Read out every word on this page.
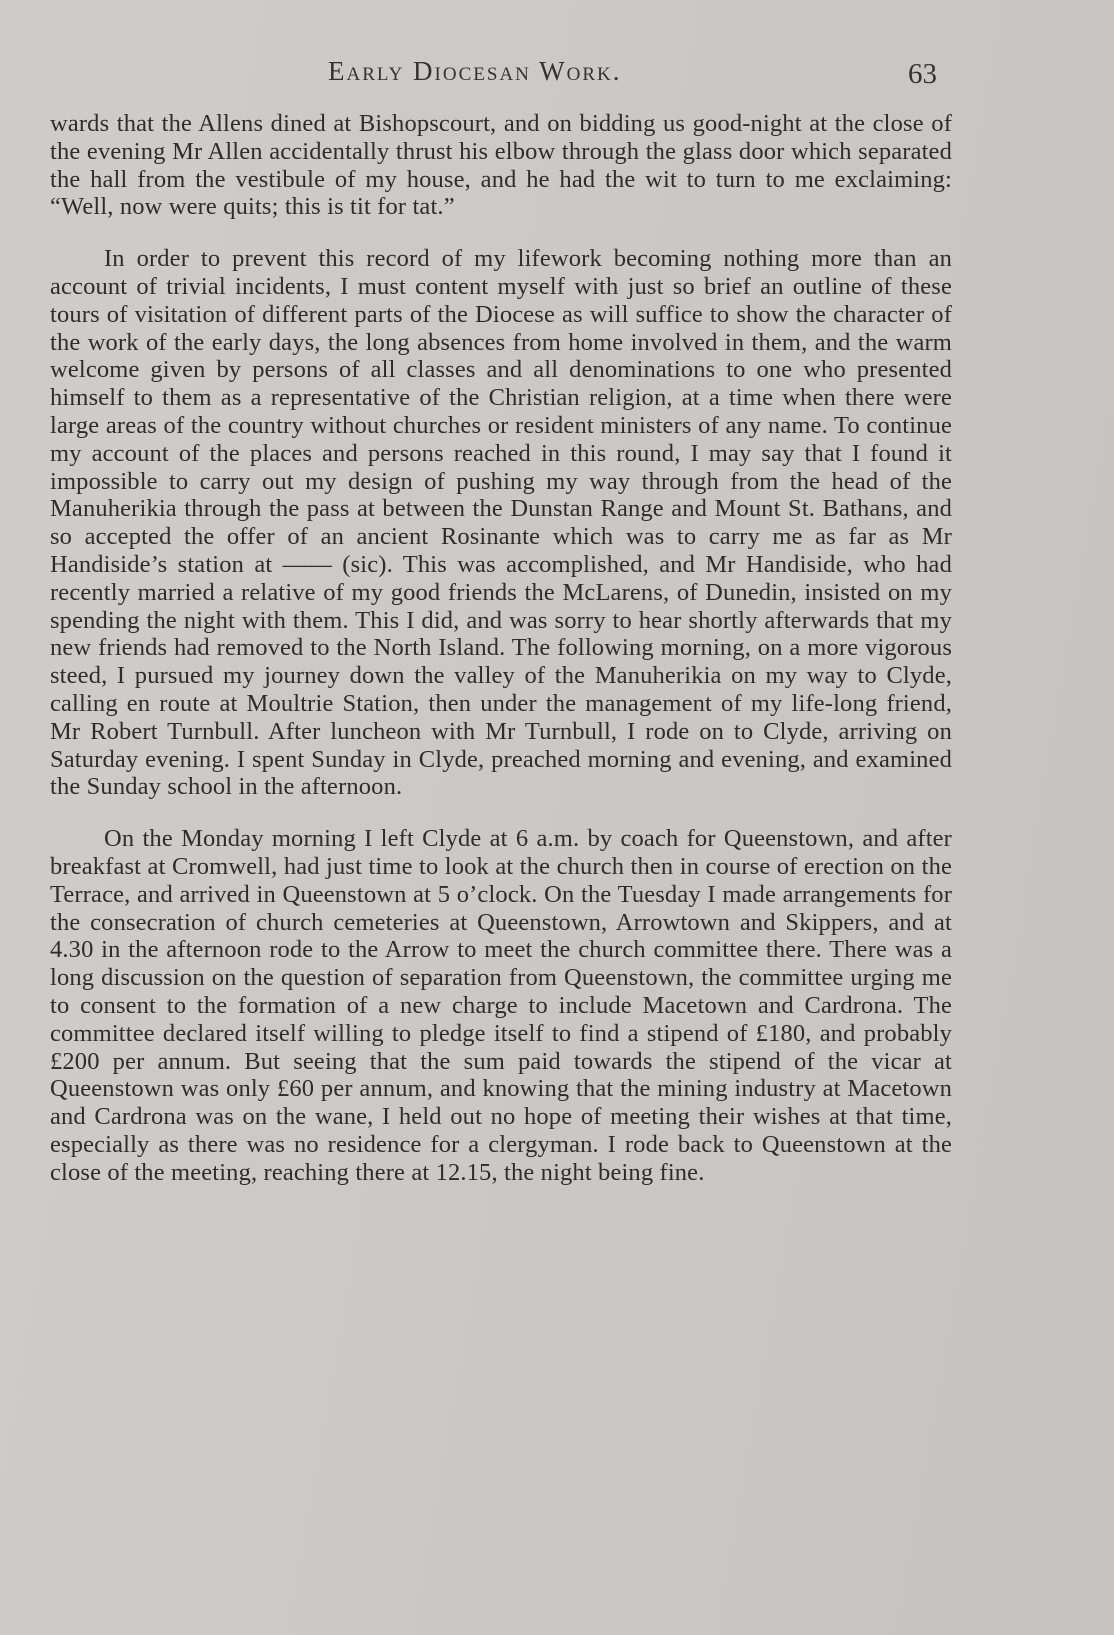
Early Diocesan Work.	63

wards that the Allens dined at Bishopscourt, and on bidding us good-night at the close of the evening Mr Allen accidentally thrust his elbow through the glass door which separated the hall from the vestibule of my house, and he had the wit to turn to me exclaiming: “Well, now were quits; this is tit for tat.”

In order to prevent this record of my lifework becoming nothing more than an account of trivial incidents, I must content myself with just so brief an outline of these tours of visitation of different parts of the Diocese as will suffice to show the character of the work of the early days, the long absences from home involved in them, and the warm welcome given by persons of all classes and all denominations to one who presented himself to them as a representative of the Christian religion, at a time when there were large areas of the country without churches or resident ministers of any name. To continue my account of the places and persons reached in this round, I may say that I found it impossible to carry out my design of pushing my way through from the head of the Manuherikia through the pass at between the Dunstan Range and Mount St. Bathans, and so accepted the offer of an ancient Rosinante which was to carry me as far as Mr Handiside’s station at —— (sic). This was accomplished, and Mr Handiside, who had recently married a relative of my good friends the McLarens, of Dunedin, insisted on my spending the night with them. This I did, and was sorry to hear shortly afterwards that my new friends had removed to the North Island. The following morning, on a more vigorous steed, I pursued my journey down the valley of the Manuherikia on my way to Clyde, calling en route at Moultrie Station, then under the management of my life-long friend, Mr Robert Turnbull. After luncheon with Mr Turnbull, I rode on to Clyde, arriving on Saturday evening. I spent Sunday in Clyde, preached morning and evening, and examined the Sunday school in the afternoon.

On the Monday morning I left Clyde at 6 a.m. by coach for Queenstown, and after breakfast at Cromwell, had just time to look at the church then in course of erection on the Terrace, and arrived in Queenstown at 5 o’clock. On the Tuesday I made arrangements for the consecration of church cemeteries at Queenstown, Arrowtown and Skippers, and at 4.30 in the afternoon rode to the Arrow to meet the church committee there. There was a long discussion on the question of separation from Queenstown, the committee urging me to consent to the formation of a new charge to include Macetown and Cardrona. The committee declared itself willing to pledge itself to find a stipend of £180, and probably £200 per annum. But seeing that the sum paid towards the stipend of the vicar at Queenstown was only £60 per annum, and knowing that the mining industry at Macetown and Cardrona was on the wane, I held out no hope of meeting their wishes at that time, especially as there was no residence for a clergyman. I rode back to Queenstown at the close of the meeting, reaching there at 12.15, the night being fine.
